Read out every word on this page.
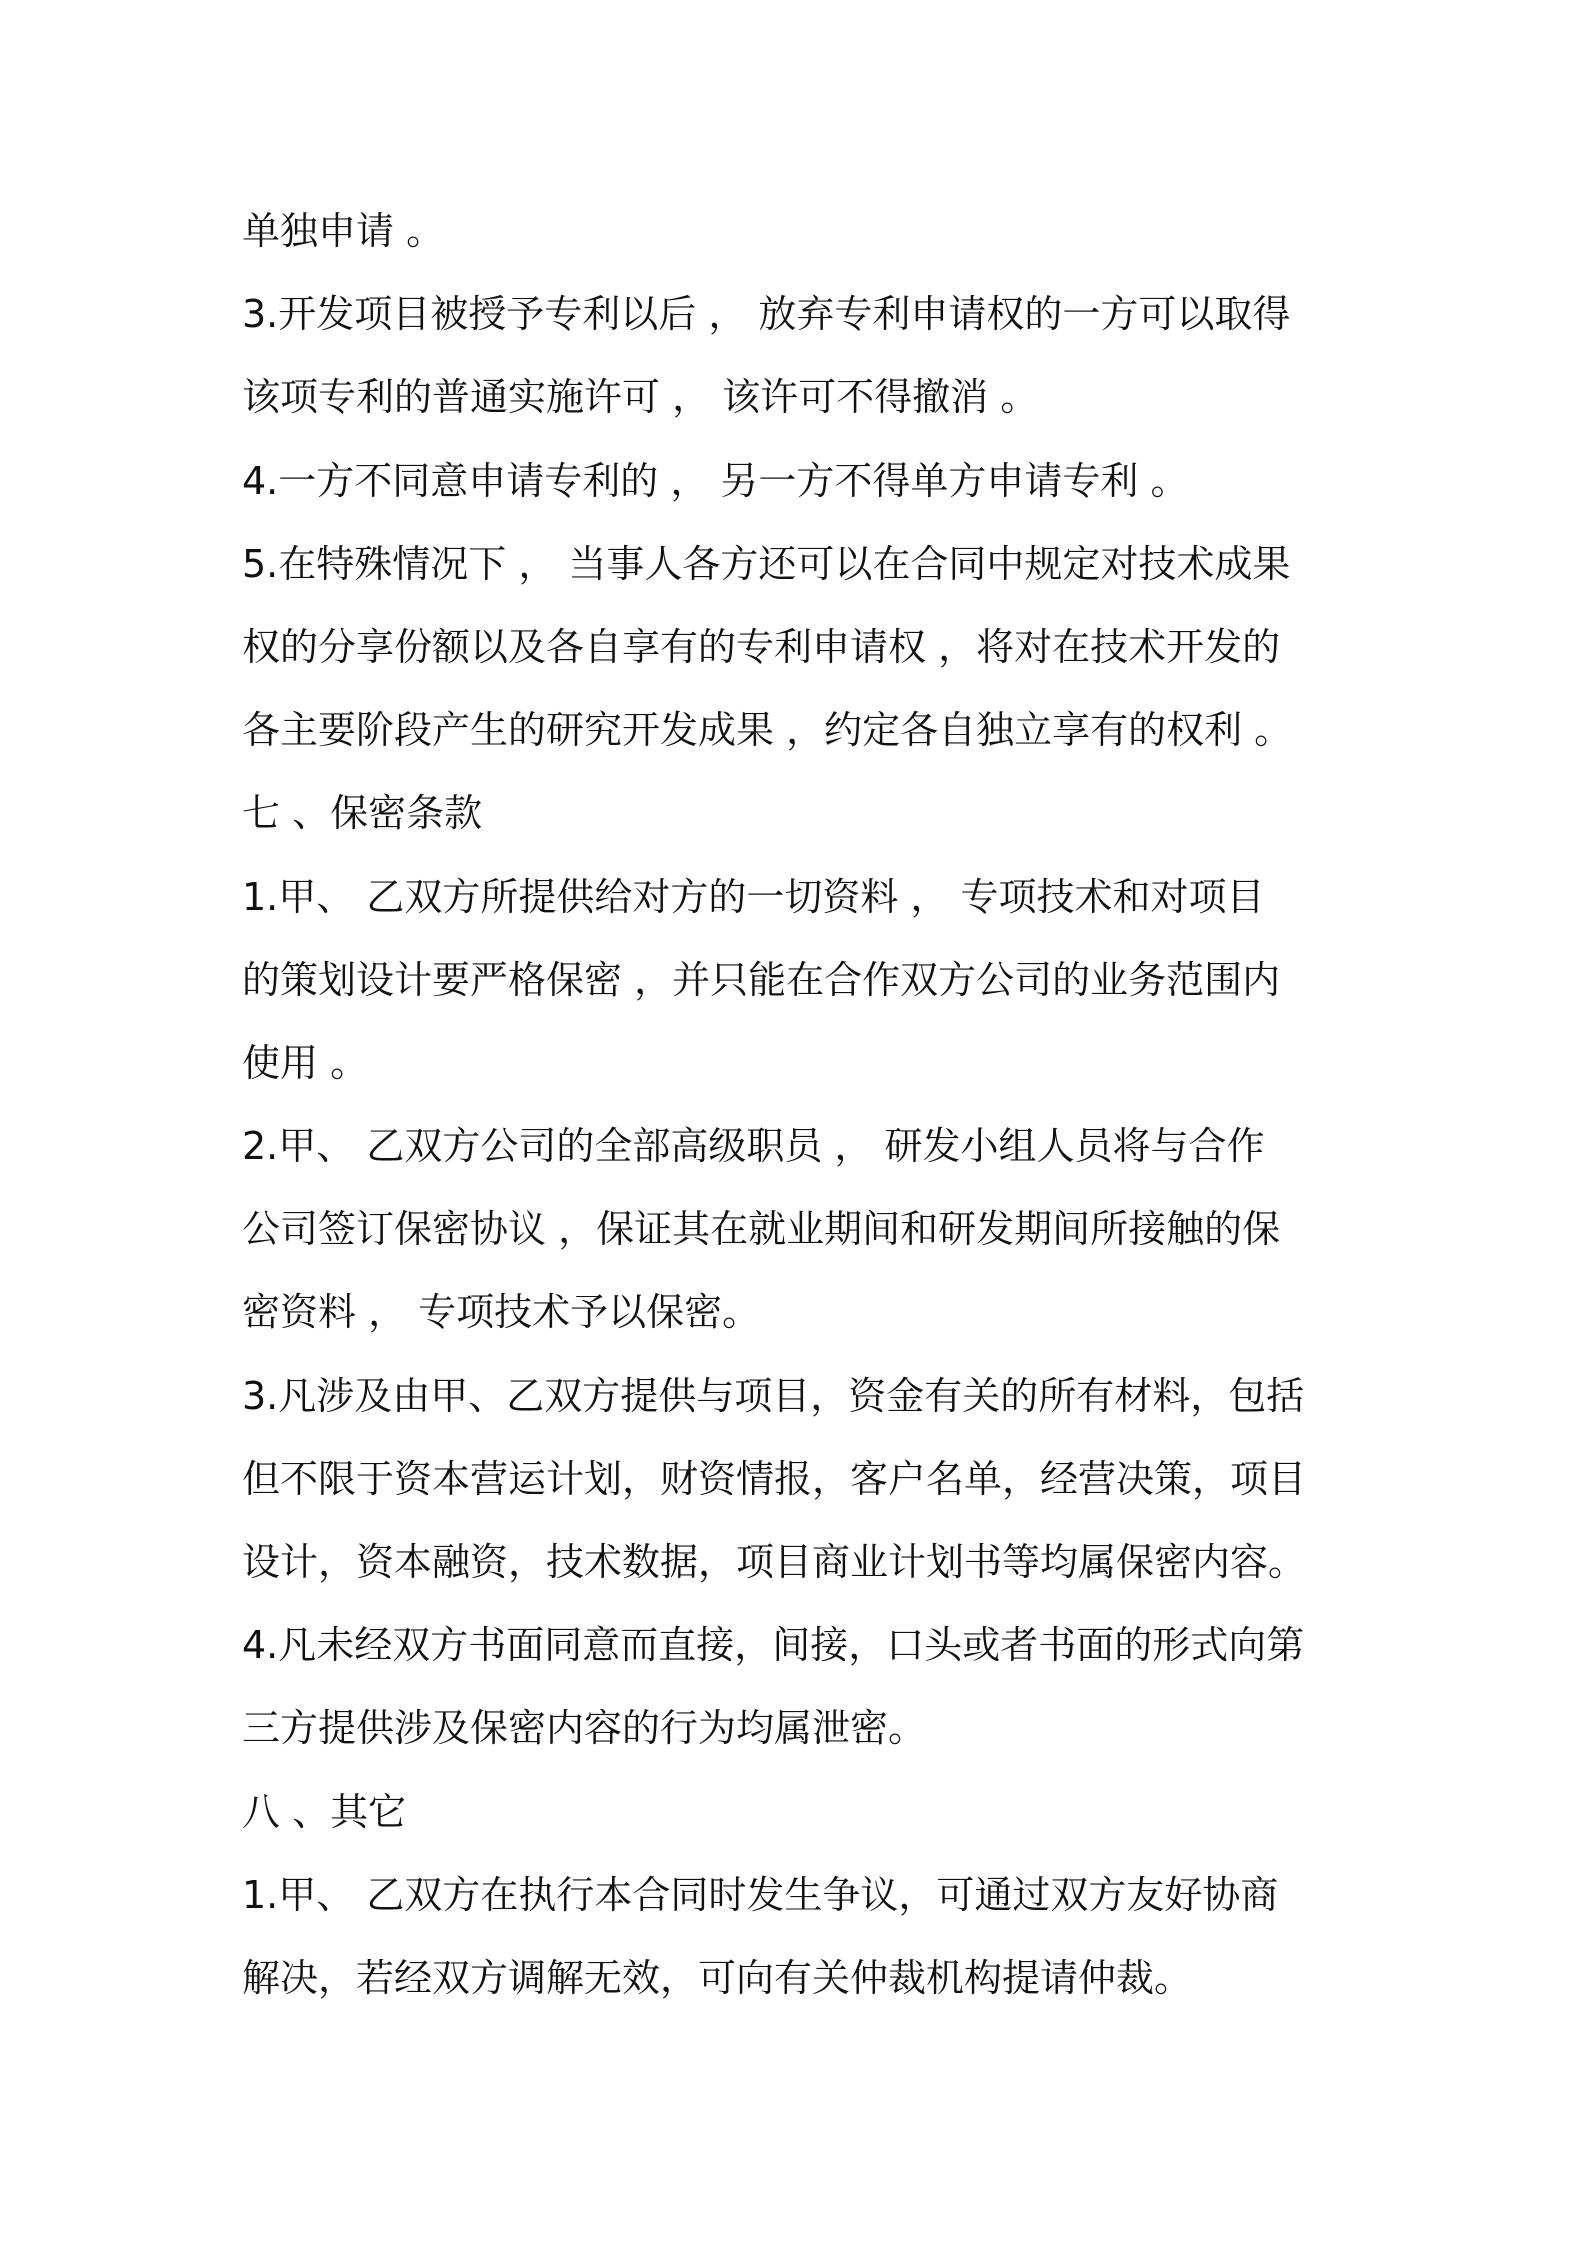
单独申请 。
3.开发项目被授予专利以后 ， 放弃专利申请权的一方可以取得
该项专利的普通实施许可 ， 该许可不得撤消 。
4.一方不同意申请专利的 ， 另一方不得单方申请专利 。
5.在特殊情况下 ， 当事人各方还可以在合同中规定对技术成果
权的分享份额以及各自享有的专利申请权 ，将对在技术开发的
各主要阶段产生的研究开发成果 ，约定各自独立享有的权利 。
七 、保密条款
1.甲、 乙双方所提供给对方的一切资料 ， 专项技术和对项目
的策划设计要严格保密 ，并只能在合作双方公司的业务范围内
使用 。
2.甲、 乙双方公司的全部高级职员 ， 研发小组人员将与合作
公司签订保密协议 ，保证其在就业期间和研发期间所接触的保
密资料 ， 专项技术予以保密。
3.凡涉及由甲、乙双方提供与项目，资金有关的所有材料，包括
但不限于资本营运计划，财资情报，客户名单，经营决策，项目
设计，资本融资，技术数据，项目商业计划书等均属保密内容。
4.凡未经双方书面同意而直接，间接，口头或者书面的形式向第
三方提供涉及保密内容的行为均属泄密。
八 、其它
1.甲、 乙双方在执行本合同时发生争议，可通过双方友好协商
解决，若经双方调解无效，可向有关仲裁机构提请仲裁。
